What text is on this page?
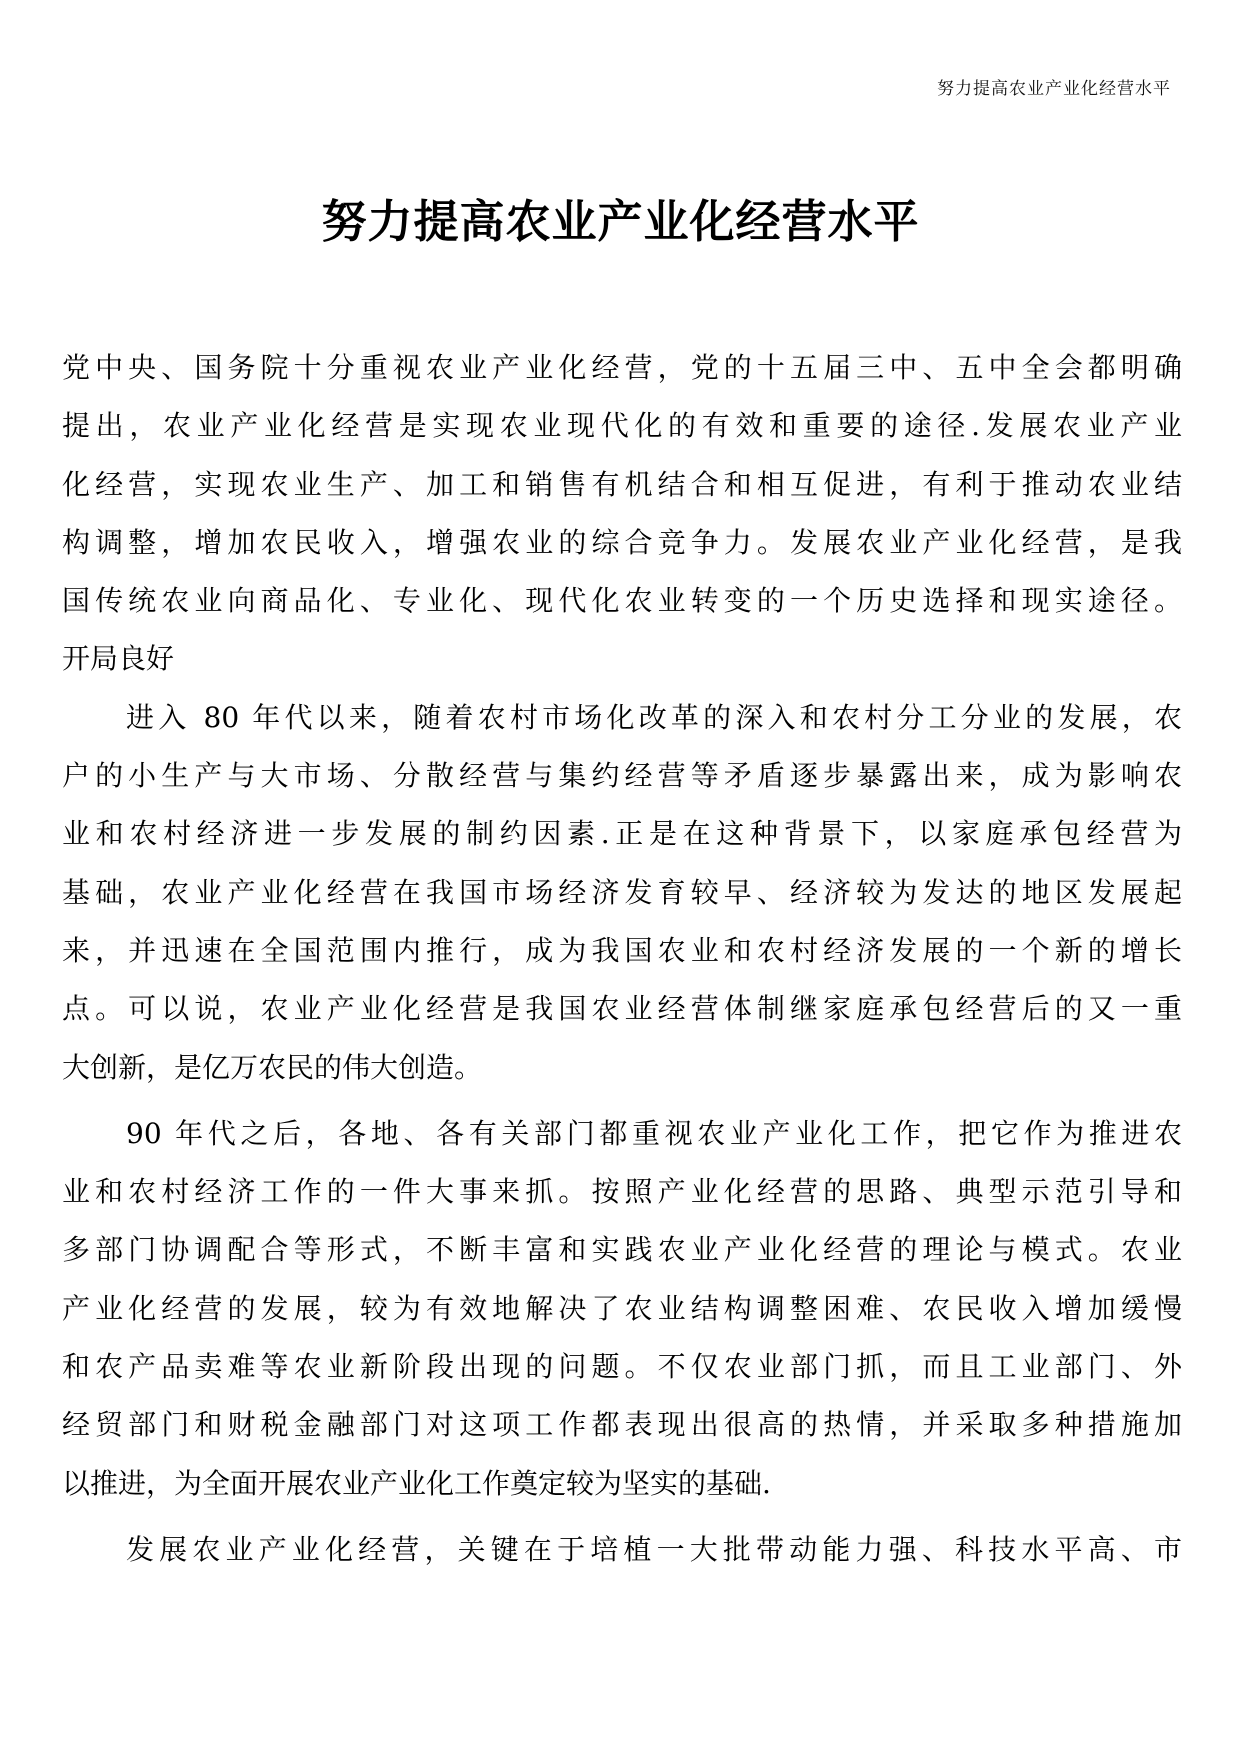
努力提高农业产业化经营水平
努力提高农业产业化经营水平
党中央、国务院十分重视农业产业化经营，党的十五届三中、五中全会都明确
提出，农业产业化经营是实现农业现代化的有效和重要的途径.发展农业产业
化经营，实现农业生产、加工和销售有机结合和相互促进，有利于推动农业结
构调整，增加农民收入，增强农业的综合竞争力。发展农业产业化经营，是我
国传统农业向商品化、专业化、现代化农业转变的一个历史选择和现实途径。
开局良好
进入 80 年代以来，随着农村市场化改革的深入和农村分工分业的发展，农
户的小生产与大市场、分散经营与集约经营等矛盾逐步暴露出来，成为影响农
业和农村经济进一步发展的制约因素.正是在这种背景下，以家庭承包经营为
基础，农业产业化经营在我国市场经济发育较早、经济较为发达的地区发展起
来，并迅速在全国范围内推行，成为我国农业和农村经济发展的一个新的增长
点。可以说，农业产业化经营是我国农业经营体制继家庭承包经营后的又一重
大创新，是亿万农民的伟大创造。
90 年代之后，各地、各有关部门都重视农业产业化工作，把它作为推进农
业和农村经济工作的一件大事来抓。按照产业化经营的思路、典型示范引导和
多部门协调配合等形式，不断丰富和实践农业产业化经营的理论与模式。农业
产业化经营的发展，较为有效地解决了农业结构调整困难、农民收入增加缓慢
和农产品卖难等农业新阶段出现的问题。不仅农业部门抓，而且工业部门、外
经贸部门和财税金融部门对这项工作都表现出很高的热情，并采取多种措施加
以推进，为全面开展农业产业化工作奠定较为坚实的基础.
发展农业产业化经营，关键在于培植一大批带动能力强、科技水平高、市
